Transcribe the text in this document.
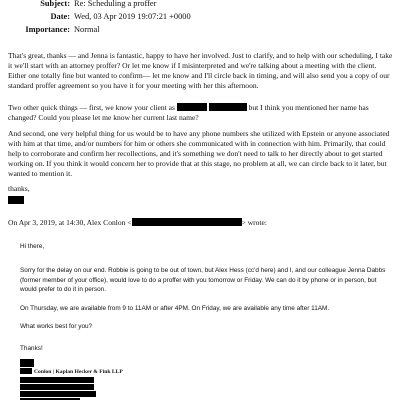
Subject: Re: Scheduling a proffer
Date: Wed, 03 Apr 2019 19:07:21 +0000
Importance: Normal
That's great, thanks — and Jenna is fantastic, happy to have her involved. Just to clarify, and to help with our scheduling, I take it we'll start with an attorney proffer? Or let me know if I misinterpreted and we're talking about a meeting with the client. Either one totally fine but wanted to confirm— let me know and I'll circle back in timing, and will also send you a copy of our standard proffer agreement so you have it for your meeting with her this afternoon.
Two other quick things — first, we know your client as	but I think you mentioned her name has changed? Could you please let me know her current last name?
And second, one very helpful thing for us would be to have any phone numbers she utilized with Epstein or anyone associated with him at that time, and/or numbers for him or others she communicated with in connection with him. Primarily, that could help to corroborate and confirm her recollections, and it's something we don't need to talk to her directly about to get started working on. If you think it would concern her to provide that at this stage, no problem at all, we can circle back to it later, but wanted to mention it.
thanks,
On Apr 3, 2019, at 14:30, Alex Conlon <	> wrote:
Hi there,
Sorry for the delay on our end. Robbie is going to be out of town, but Alex Hess (cc'd here) and I, and our colleague Jenna Dabbs (former member of your office), would love to do a proffer with you tomorrow or Friday. We can do it by phone or in person, but would prefer to do it in person.
On Thursday, we are available from 9 to 11AM or after 4PM. On Friday, we are available any time after 11AM.
What works best for you?
Thanks!
Conlon | Kaplan Hecker & Fink LLP
